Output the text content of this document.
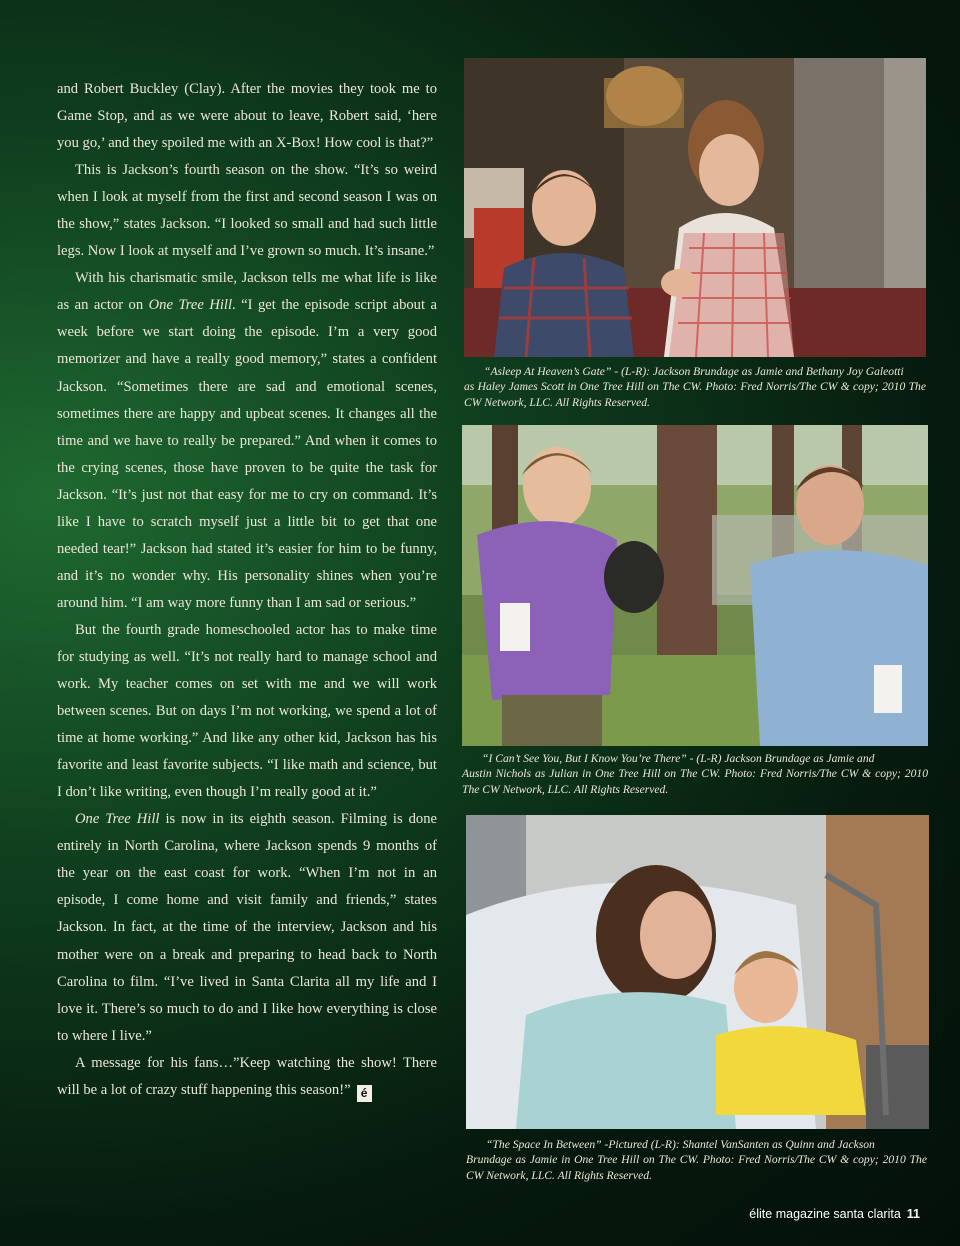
and Robert Buckley (Clay). After the movies they took me to Game Stop, and as we were about to leave, Robert said, ‘here you go,’ and they spoiled me with an X-Box! How cool is that?”

This is Jackson’s fourth season on the show. “It’s so weird when I look at myself from the first and second season I was on the show,” states Jackson. “I looked so small and had such little legs. Now I look at myself and I’ve grown so much. It’s insane.”

With his charismatic smile, Jackson tells me what life is like as an actor on One Tree Hill. “I get the episode script about a week before we start doing the episode. I’m a very good memorizer and have a really good memory,” states a confident Jackson. “Sometimes there are sad and emotional scenes, sometimes there are happy and upbeat scenes. It changes all the time and we have to really be prepared.” And when it comes to the crying scenes, those have proven to be quite the task for Jackson. “It’s just not that easy for me to cry on command. It’s like I have to scratch myself just a little bit to get that one needed tear!” Jackson had stated it’s easier for him to be funny, and it’s no wonder why. His personality shines when you’re around him. “I am way more funny than I am sad or serious.”

But the fourth grade homeschooled actor has to make time for studying as well. “It’s not really hard to manage school and work. My teacher comes on set with me and we will work between scenes. But on days I’m not working, we spend a lot of time at home working.” And like any other kid, Jackson has his favorite and least favorite subjects. “I like math and science, but I don’t like writing, even though I’m really good at it.”

One Tree Hill is now in its eighth season. Filming is done entirely in North Carolina, where Jackson spends 9 months of the year on the east coast for work. “When I’m not in an episode, I come home and visit family and friends,” states Jackson. In fact, at the time of the interview, Jackson and his mother were on a break and preparing to head back to North Carolina to film. “I’ve lived in Santa Clarita all my life and I love it. There’s so much to do and I like how everything is close to where I live.”

A message for his fans…”Keep watching the show! There will be a lot of crazy stuff happening this season!” é

“Asleep At Heaven’s Gate” - (L-R): Jackson Brundage as Jamie and Bethany Joy Galeotti
as Haley James Scott in One Tree Hill on The CW. Photo: Fred Norris/The CW & copy; 2010 The CW Network, LLC. All Rights Reserved.
“I Can’t See You, But I Know You’re There” - (L-R) Jackson Brundage as Jamie and
Austin Nichols as Julian in One Tree Hill on The CW. Photo: Fred Norris/The CW & copy; 2010 The CW Network, LLC. All Rights Reserved.
“The Space In Between” -Pictured (L-R): Shantel VanSanten as Quinn and Jackson
Brundage as Jamie in One Tree Hill on The CW. Photo: Fred Norris/The CW & copy; 2010 The CW Network, LLC. All Rights Reserved.
élite magazine santa clarita 11
